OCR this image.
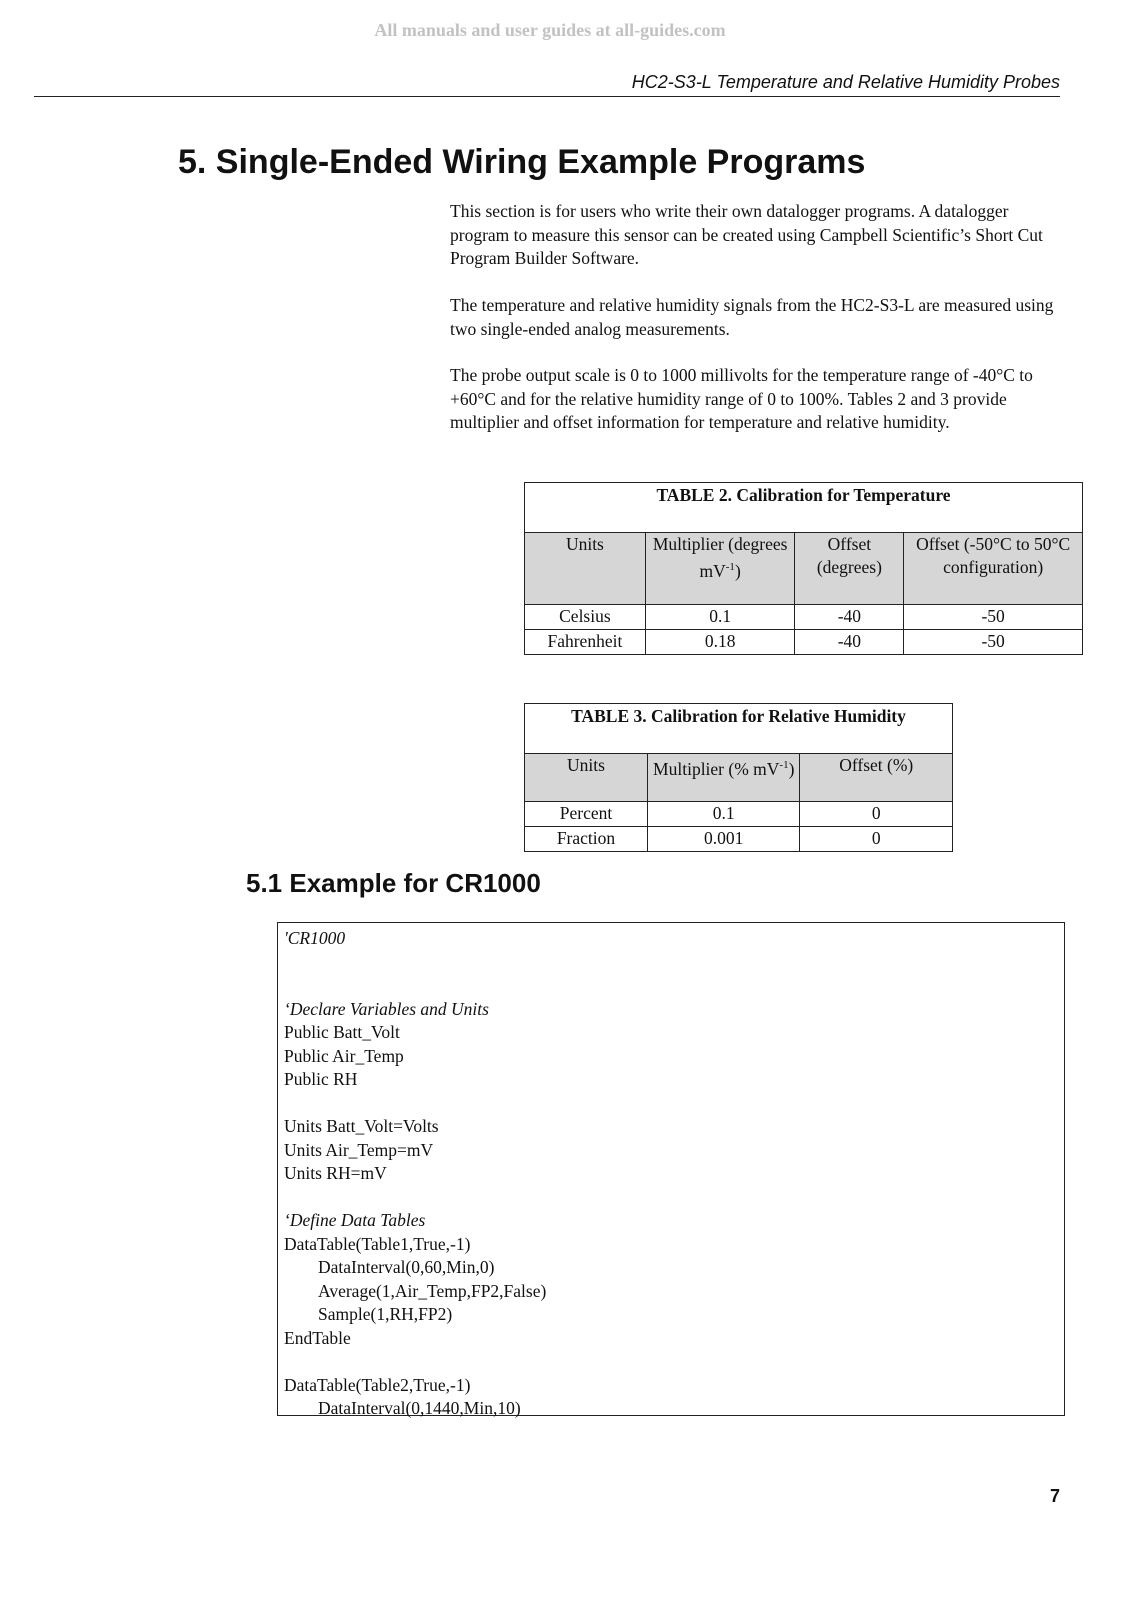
All manuals and user guides at all-guides.com
HC2-S3-L Temperature and Relative Humidity Probes
5. Single-Ended Wiring Example Programs

This section is for users who write their own datalogger programs. A datalogger program to measure this sensor can be created using Campbell Scientific’s Short Cut Program Builder Software.

The temperature and relative humidity signals from the HC2-S3-L are measured using two single-ended analog measurements.

The probe output scale is 0 to 1000 millivolts for the temperature range of -40°C to +60°C and for the relative humidity range of 0 to 100%. Tables 2 and 3 provide multiplier and offset information for temperature and relative humidity.

TABLE 2. Calibration for Temperature			
Units	Multiplier (degrees $mV^{-1}$)	Offset (degrees)	Offset (-50°C to 50°C configuration)
Celsius	0.1	-40	-50
Fahrenheit	0.18	-40	-50
TABLE 3. Calibration for Relative Humidity		
Units	Multiplier (% $mV^{-1}$)	Offset (%)
Percent	0.1	0
Fraction	0.001	0
5.1 Example for CR1000
'CR1000
‘Declare Variables and Units
Public Batt_Volt
Public Air_Temp
Public RH
Units Batt_Volt=Volts
Units Air_Temp=mV
Units RH=mV
‘Define Data Tables
DataTable(Table1,True,-1)
DataInterval(0,60,Min,0)
Average(1,Air_Temp,FP2,False)
Sample(1,RH,FP2)
EndTable
DataTable(Table2,True,-1)
DataInterval(0,1440,Min,10)
7
